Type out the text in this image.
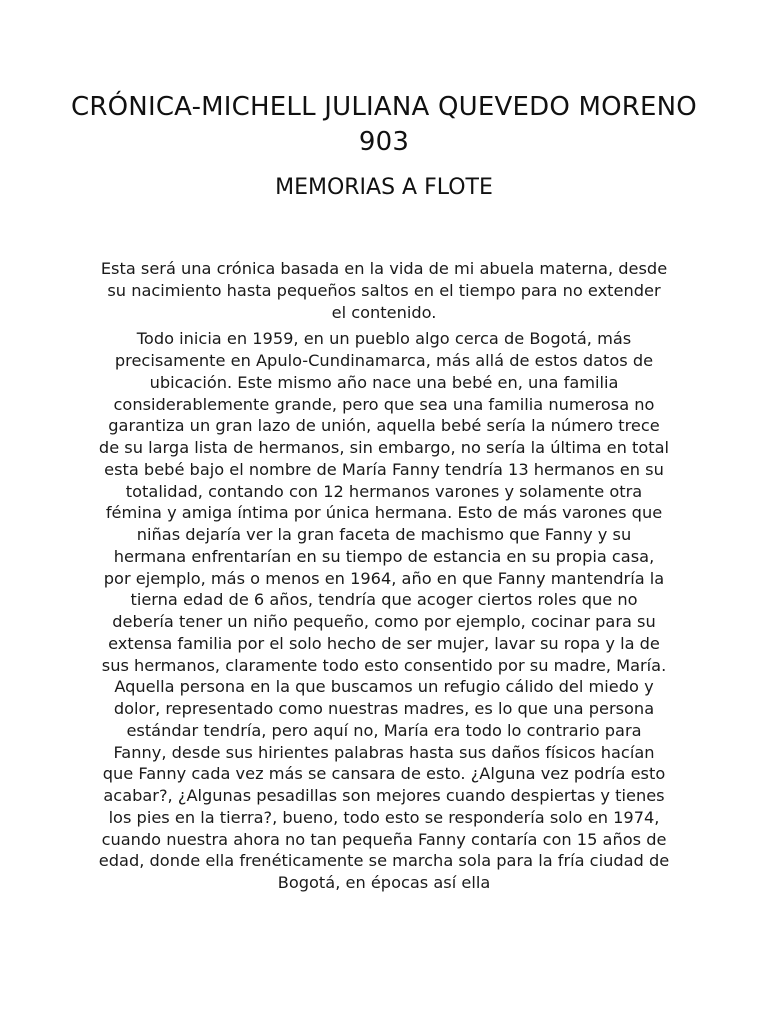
CRÓNICA-MICHELL JULIANA QUEVEDO MORENO 903
MEMORIAS A FLOTE

Esta será una crónica basada en la vida de mi abuela materna, desde su nacimiento hasta pequeños saltos en el tiempo para no extender el contenido.

Todo inicia en 1959, en un pueblo algo cerca de Bogotá, más precisamente en Apulo-Cundinamarca, más allá de estos datos de ubicación. Este mismo año nace una bebé en, una familia considerablemente grande, pero que sea una familia numerosa no garantiza un gran lazo de unión, aquella bebé sería la número trece de su larga lista de hermanos, sin embargo, no sería la última en total esta bebé bajo el nombre de María Fanny tendría 13 hermanos en su totalidad, contando con 12 hermanos varones y solamente otra fémina y amiga íntima por única hermana. Esto de más varones que niñas dejaría ver la gran faceta de machismo que Fanny y su hermana enfrentarían en su tiempo de estancia en su propia casa, por ejemplo, más o menos en 1964, año en que Fanny mantendría la tierna edad de 6 años, tendría que acoger ciertos roles que no debería tener un niño pequeño, como por ejemplo, cocinar para su extensa familia por el solo hecho de ser mujer, lavar su ropa y la de sus hermanos, claramente todo esto consentido por su madre, María. Aquella persona en la que buscamos un refugio cálido del miedo y dolor, representado como nuestras madres, es lo que una persona estándar tendría, pero aquí no, María era todo lo contrario para Fanny, desde sus hirientes palabras hasta sus daños físicos hacían que Fanny cada vez más se cansara de esto. ¿Alguna vez podría esto acabar?, ¿Algunas pesadillas son mejores cuando despiertas y tienes los pies en la tierra?, bueno, todo esto se respondería solo en 1974, cuando nuestra ahora no tan pequeña Fanny contaría con 15 años de edad, donde ella frenéticamente se marcha sola para la fría ciudad de Bogotá, en épocas así ella
